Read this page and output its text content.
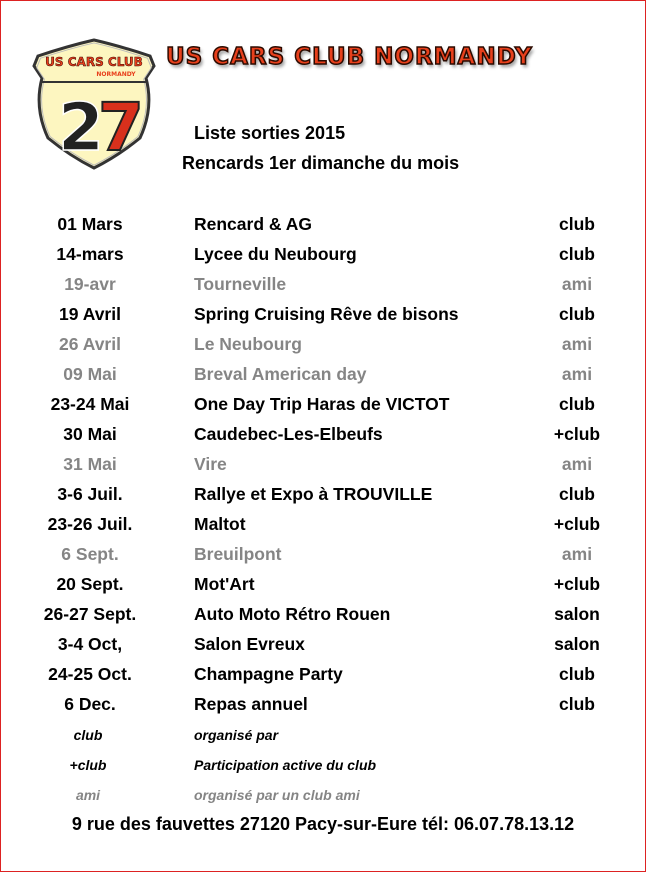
US CARS CLUB
NORMANDY
2
7
US CARS CLUB NORMANDY
Liste sorties 2015
Rencards 1er dimanche du mois
01 Mars	Rencard & AG	club
14-mars	Lycee du Neubourg	club
19-avr	Tourneville	ami
19 Avril	Spring Cruising Rêve de bisons	club
26 Avril	Le Neubourg	ami
09 Mai	Breval American day	ami
23-24 Mai	One Day Trip Haras de VICTOT	club
30 Mai	Caudebec-Les-Elbeufs	+club
31 Mai	Vire	ami
3-6 Juil.	Rallye et Expo à TROUVILLE	club
23-26 Juil.	Maltot	+club
6 Sept.	Breuilpont	ami
20 Sept.	Mot'Art	+club
26-27 Sept.	Auto Moto Rétro Rouen	salon
3-4 Oct,	Salon Evreux	salon
24-25 Oct.	Champagne Party	club
6 Dec.	Repas annuel	club
club	organisé par
+club	Participation active du club
ami	organisé par un club ami
9 rue des fauvettes 27120 Pacy-sur-Eure tél: 06.07.78.13.12
